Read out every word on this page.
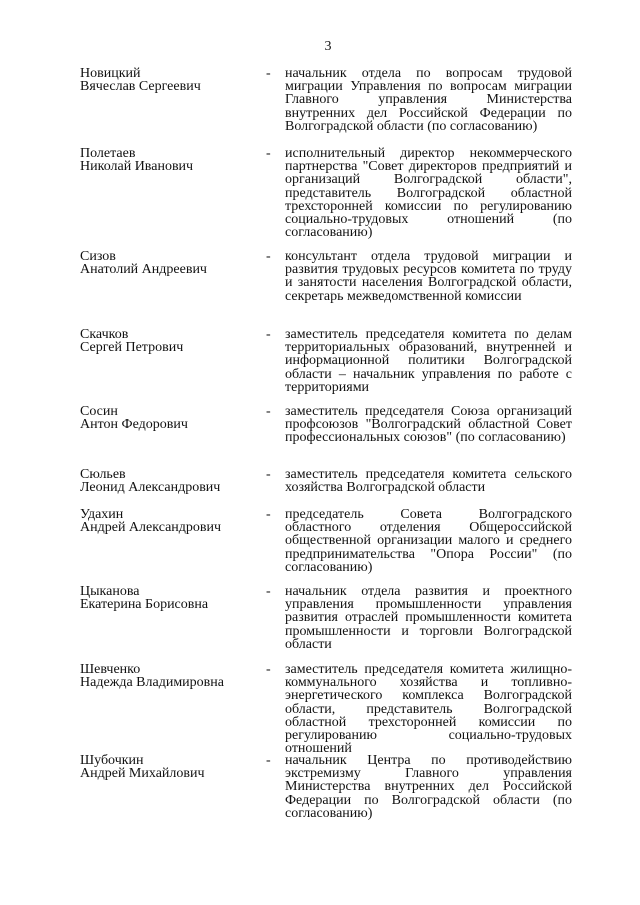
3
Новицкий
Вячеслав Сергеевич
- начальник отдела по вопросам трудовой миграции Управления по вопросам миграции Главного управления Министерства внутренних дел Российской Федерации по Волгоградской области (по согласованию)
Полетаев
Николай Иванович
- исполнительный директор некоммерческого партнерства "Совет директоров предприятий и организаций Волгоградской области", представитель Волгоградской областной трехсторонней комиссии по регулированию социально-трудовых отношений (по согласованию)
Сизов
Анатолий Андреевич
- консультант отдела трудовой миграции и развития трудовых ресурсов комитета по труду и занятости населения Волгоградской области, секретарь межведомственной комиссии
Скачков
Сергей Петрович
- заместитель председателя комитета по делам территориальных образований, внутренней и информационной политики Волгоградской области – начальник управления по работе с территориями
Сосин
Антон Федорович
- заместитель председателя Союза организаций профсоюзов "Волгоградский областной Совет профессиональных союзов" (по согласованию)
Сюльев
Леонид Александрович
- заместитель председателя комитета сельского хозяйства Волгоградской области
Удахин
Андрей Александрович
- председатель Совета Волгоградского областного отделения Общероссийской общественной организации малого и среднего предпринимательства "Опора России" (по согласованию)
Цыканова
Екатерина Борисовна
- начальник отдела развития и проектного управления промышленности управления развития отраслей промышленности комитета промышленности и торговли Волгоградской области
Шевченко
Надежда Владимировна
- заместитель председателя комитета жилищно-коммунального хозяйства и топливно-энергетического комплекса Волгоградской области, представитель Волгоградской областной трехсторонней комиссии по регулированию социально-трудовых отношений
Шубочкин
Андрей Михайлович
- начальник Центра по противодействию экстремизму Главного управления Министерства внутренних дел Российской Федерации по Волгоградской области (по согласованию)
